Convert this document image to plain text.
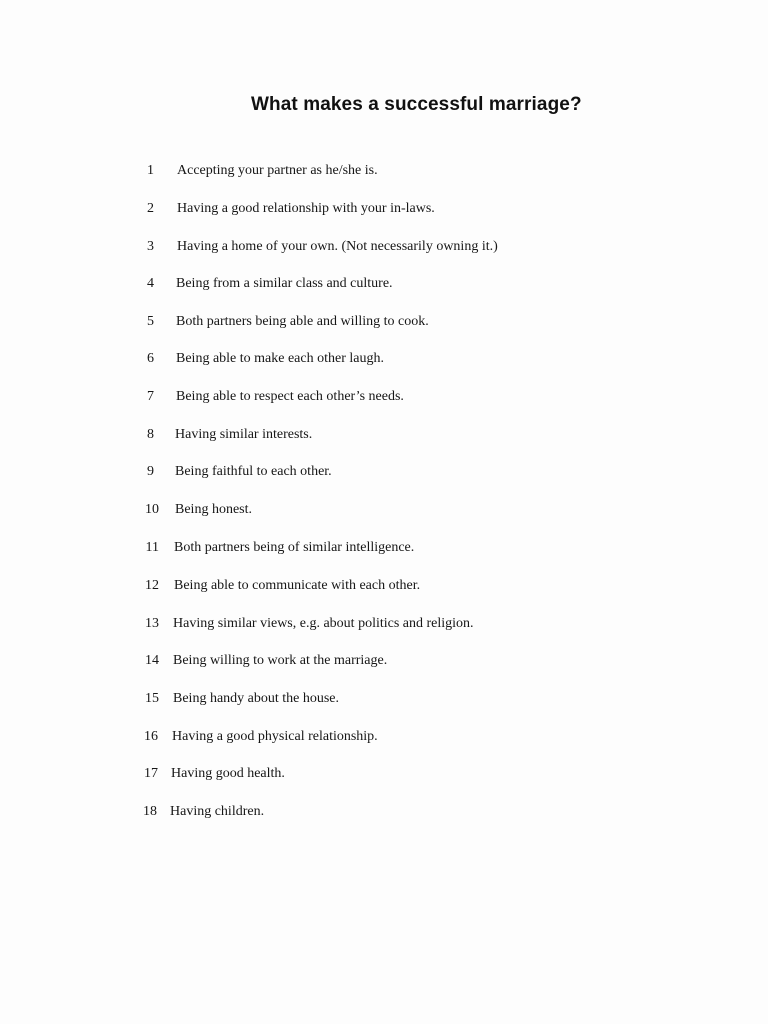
What makes a successful marriage?
1 Accepting your partner as he/she is.
2 Having a good relationship with your in-laws.
3 Having a home of your own. (Not necessarily owning it.)
4 Being from a similar class and culture.
5 Both partners being able and willing to cook.
6 Being able to make each other laugh.
7 Being able to respect each other’s needs.
8 Having similar interests.
9 Being faithful to each other.
10 Being honest.
11 Both partners being of similar intelligence.
12 Being able to communicate with each other.
13 Having similar views, e.g. about politics and religion.
14 Being willing to work at the marriage.
15 Being handy about the house.
16 Having a good physical relationship.
17 Having good health.
18 Having children.
